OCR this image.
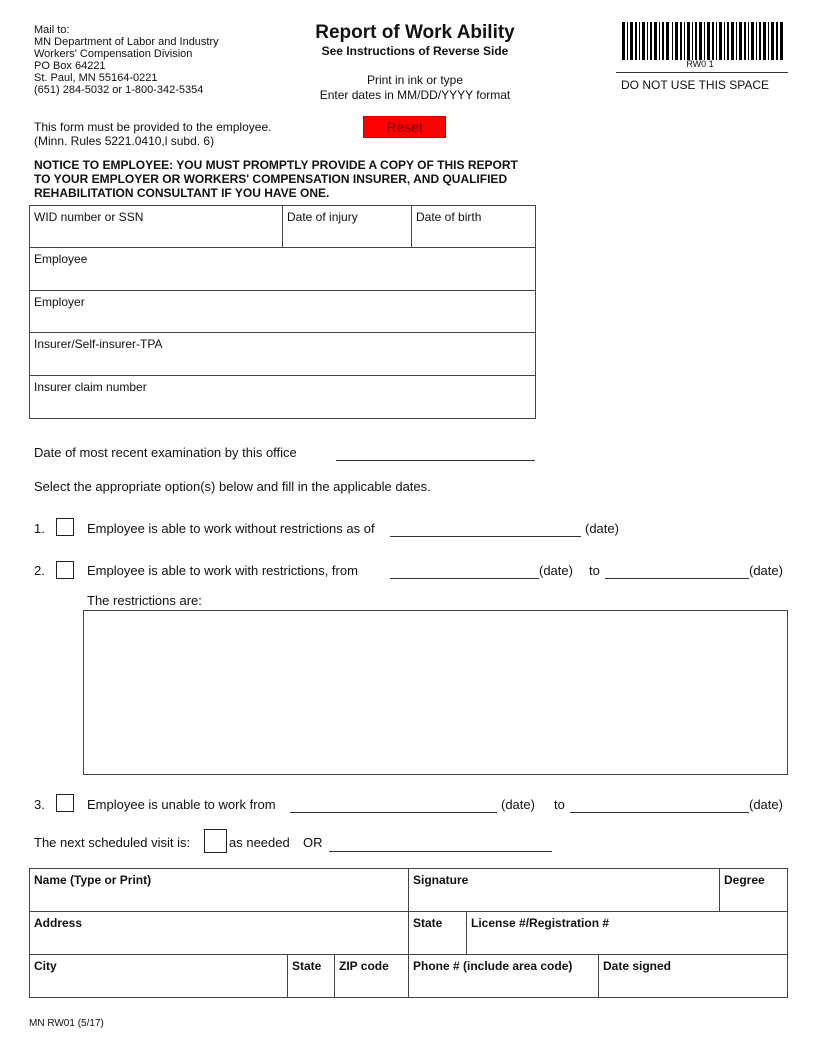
Mail to:
MN Department of Labor and Industry
Workers' Compensation Division
PO Box 64221
St. Paul, MN 55164-0221
(651) 284-5032 or 1-800-342-5354
Report of Work Ability
See Instructions of Reverse Side
Print in ink or type
Enter dates in MM/DD/YYYY format
RW0 1
DO NOT USE THIS SPACE
This form must be provided to the employee.
(Minn. Rules 5221.0410,l subd. 6)
Reset
NOTICE TO EMPLOYEE: YOU MUST PROMPTLY PROVIDE A COPY OF THIS REPORT
TO YOUR EMPLOYER OR WORKERS' COMPENSATION INSURER, AND QUALIFIED
REHABILITATION CONSULTANT IF YOU HAVE ONE.
WID number or SSN	Date of injury	Date of birth
Employee
Employer
Insurer/Self-insurer-TPA
Insurer claim number
Date of most recent examination by this office
Select the appropriate option(s) below and fill in the applicable dates.
1.	Employee is able to work without restrictions as of	(date)
2.	Employee is able to work with restrictions, from	(date) to	(date)
The restrictions are:
3.	Employee is unable to work from	(date) to	(date)
The next scheduled visit is:	as needed OR
Name (Type or Print)	Signature	Degree
Address	State License #/Registration #
City	State ZIP code Phone # (include area code)	Date signed
MN RW01 (5/17)
